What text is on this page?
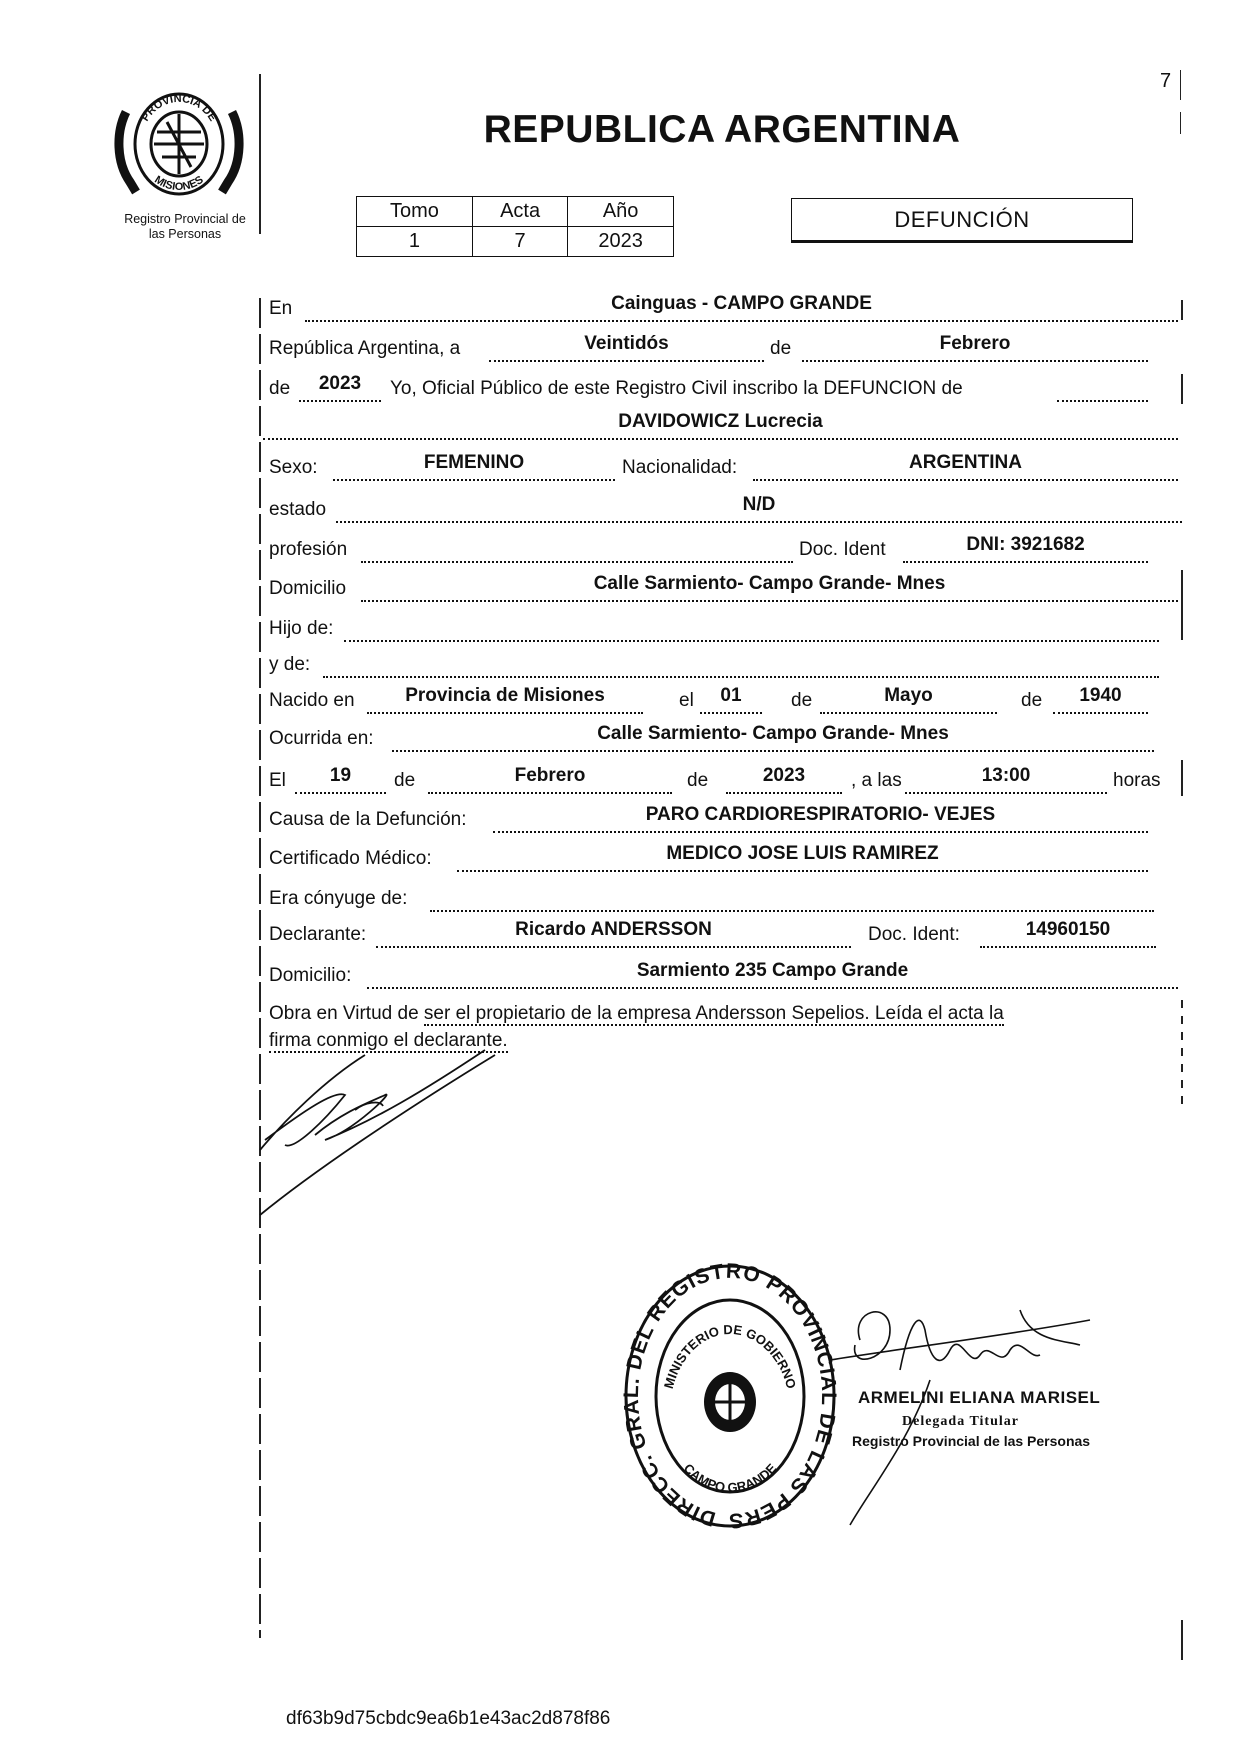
PROVINCIA DE
MISIONES
Registro Provincial de
las Personas
REPUBLICA ARGENTINA
7
Tomo	Acta	Año
1	7	2023
DEFUNCIÓN
En	Cainguas - CAMPO GRANDE
República Argentina, a	Veintidós	de	Febrero
de	2023	Yo, Oficial Público de este Registro Civil inscribo la DEFUNCION de
DAVIDOWICZ Lucrecia
Sexo:	FEMENINO	Nacionalidad:	ARGENTINA
estado	N/D
profesión	Doc. Ident	DNI: 3921682
Domicilio	Calle Sarmiento- Campo Grande- Mnes
Hijo de:
y de:
Nacido en	Provincia de Misiones	el	01	de	Mayo	de	1940
Ocurrida en:	Calle Sarmiento- Campo Grande- Mnes
El	19	de	Febrero	de	2023	, a las	13:00	horas
Causa de la Defunción:	PARO CARDIORESPIRATORIO- VEJES
Certificado Médico:	MEDICO JOSE LUIS RAMIREZ
Era cónyuge de:
Declarante:	Ricardo ANDERSSON	Doc. Ident:	14960150
Domicilio:	Sarmiento 235 Campo Grande
Obra en Virtud de ser el propietario de la empresa Andersson Sepelios. Leída el acta la
firma conmigo el declarante.
DIRECC. GRAL. DEL REGISTRO PROVINCIAL DE LAS PERSONAS -
MINISTERIO DE GOBIERNO
CAMPO GRANDE
ARMELINI ELIANA MARISEL
Delegada Titular
Registro Provincial de las Personas
df63b9d75cbdc9ea6b1e43ac2d878f86
